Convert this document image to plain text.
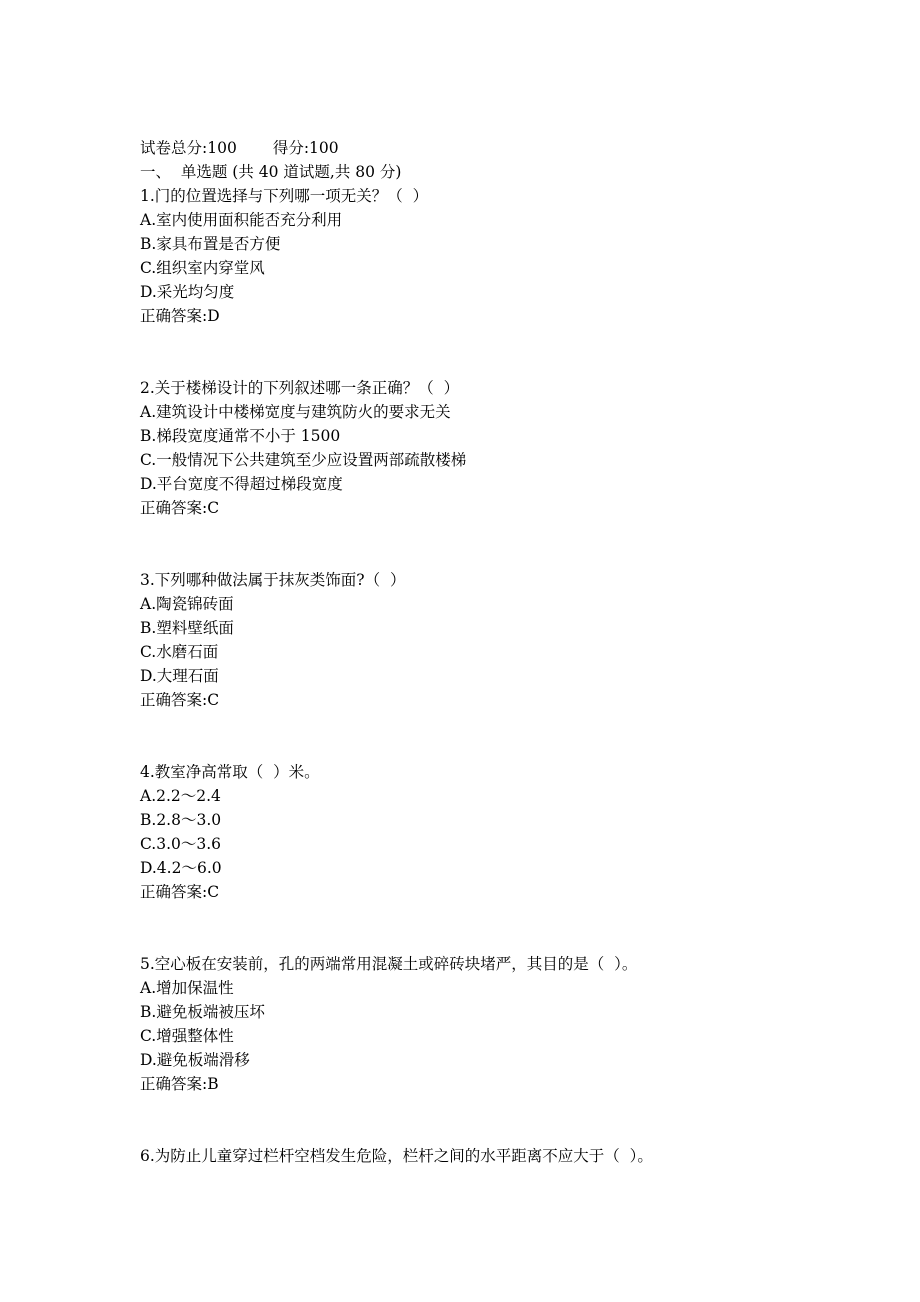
试卷总分:100 得分:100
一、  单选题 (共 40 道试题,共 80 分)
1.门的位置选择与下列哪一项无关？（  ）
A.室内使用面积能否充分利用
B.家具布置是否方便
C.组织室内穿堂风
D.采光均匀度
正确答案:D
2.关于楼梯设计的下列叙述哪一条正确？（  ）
A.建筑设计中楼梯宽度与建筑防火的要求无关
B.梯段宽度通常不小于 1500
C.一般情况下公共建筑至少应设置两部疏散楼梯
D.平台宽度不得超过梯段宽度
正确答案:C
3.下列哪种做法属于抹灰类饰面?（  ）
A.陶瓷锦砖面
B.塑料壁纸面
C.水磨石面
D.大理石面
正确答案:C
4.教室净高常取（  ）米。
A.2.2～2.4
B.2.8～3.0
C.3.0～3.6
D.4.2～6.0
正确答案:C
5.空心板在安装前，孔的两端常用混凝土或碎砖块堵严，其目的是（  ）。
A.增加保温性
B.避免板端被压坏
C.增强整体性
D.避免板端滑移
正确答案:B
6.为防止儿童穿过栏杆空档发生危险，栏杆之间的水平距离不应大于（  ）。
